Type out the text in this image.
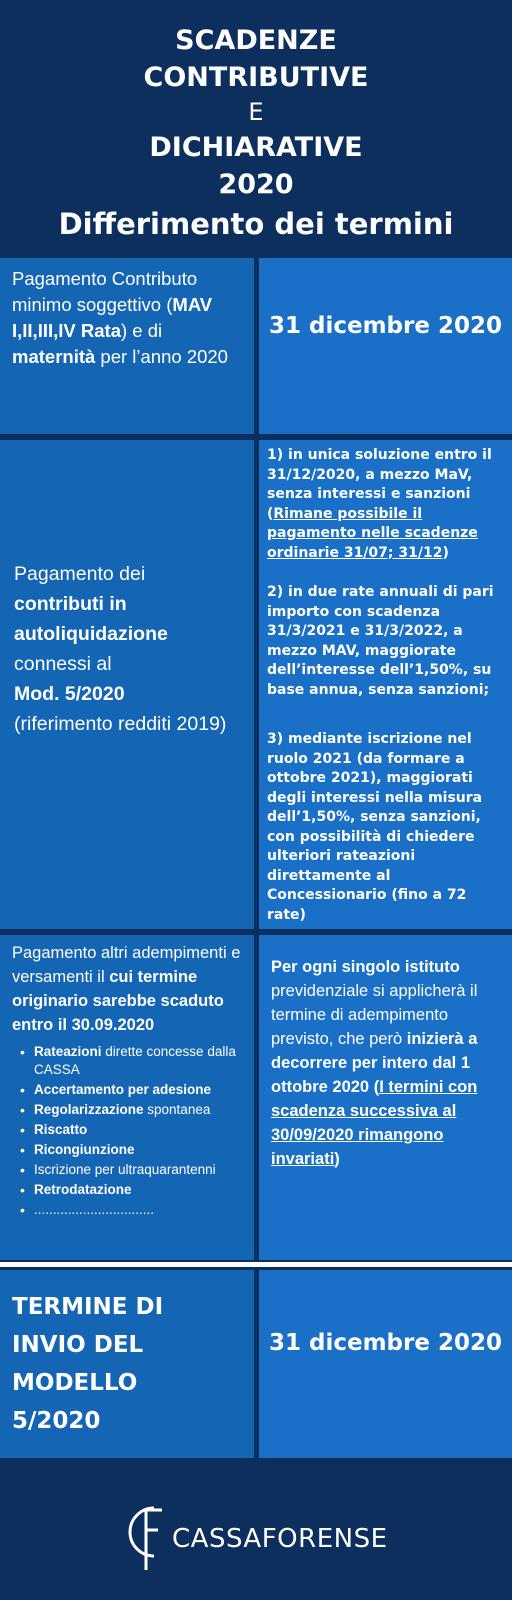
SCADENZE
CONTRIBUTIVE
E
DICHIARATIVE
2020
Differimento dei termini
Pagamento Contributo minimo soggettivo (MAV I,II,III,IV Rata) e di maternità per l’anno 2020
31 dicembre 2020
Pagamento dei
contributi in autoliquidazione
connessi al
Mod. 5/2020
(riferimento redditi 2019)
1) in unica soluzione entro il 31/12/2020, a mezzo MaV, senza interessi e sanzioni (Rimane possibile il pagamento nelle scadenze ordinarie 31/07; 31/12)
2) in due rate annuali di pari importo con scadenza 31/3/2021 e 31/3/2022, a mezzo MAV, maggiorate dell’interesse dell’1,50%, su base annua, senza sanzioni;
3) mediante iscrizione nel ruolo 2021 (da formare a ottobre 2021), maggiorati degli interessi nella misura dell’1,50%, senza sanzioni, con possibilità di chiedere ulteriori rateazioni direttamente al Concessionario (fino a 72 rate)
Pagamento altri adempimenti e versamenti il cui termine originario sarebbe scaduto entro il 30.09.2020
• Rateazioni dirette concesse dalla CASSA
• Accertamento per adesione
• Regolarizzazione spontanea
• Riscatto
• Ricongiunzione
• Iscrizione per ultraquarantenni
• Retrodatazione
• ................................
Per ogni singolo istituto previdenziale si applicherà il termine di adempimento previsto, che però inizierà a decorrere per intero dal 1 ottobre 2020 (I termini con scadenza successiva al 30/09/2020 rimangono invariati)
TERMINE DI INVIO DEL MODELLO 5/2020
31 dicembre 2020
CASSAFORENSE
